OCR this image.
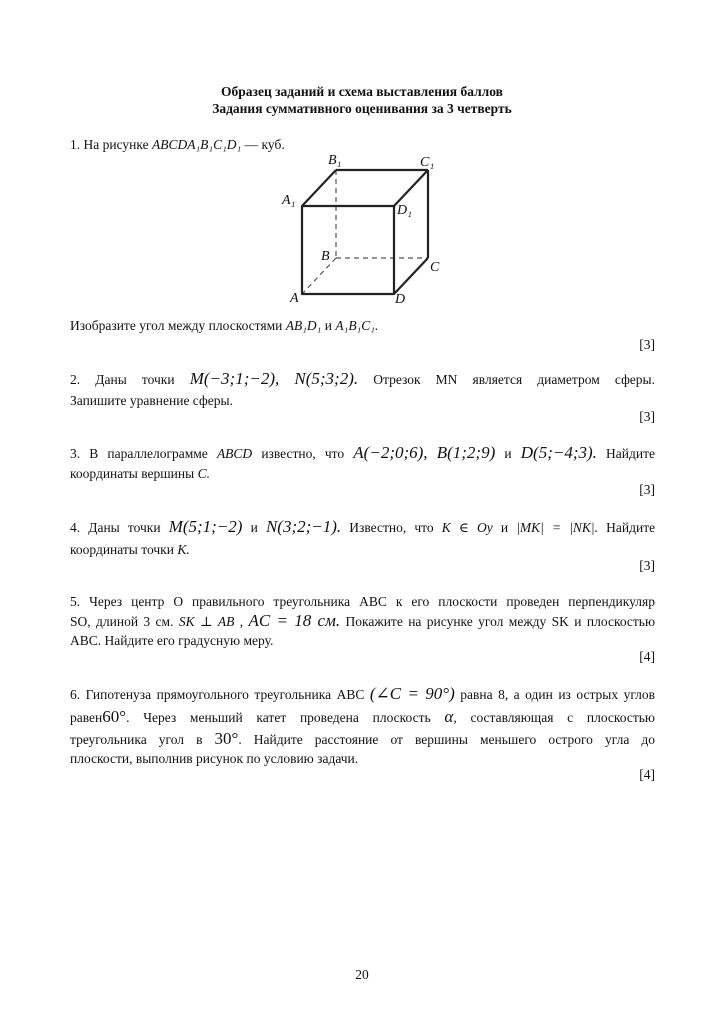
Образец заданий и схема выставления баллов
Задания суммативного оценивания за 3 четверть
1. На рисунке ABCDA₁B₁C₁D₁ — куб.
A₁
B₁	C₁
D₁
B
C
A	D
Изобразите угол между плоскостями AB₁D₁ и A₁B₁C₁.
[3]
2. Даны точки M(−3;1;−2), N(5;3;2). Отрезок MN является диаметром сферы.
Запишите уравнение сферы.
[3]
3. В параллелограмме ABCD известно, что A(−2;0;6), B(1;2;9) и D(5;−4;3). Найдите
координаты вершины C.
[3]
4. Даны точки M(5;1;−2) и N(3;2;−1). Известно, что K ∈ Oy и |MK| = |NK|. Найдите
координаты точки K.
[3]
5. Через центр O правильного треугольника ABC к его плоскости проведен перпендикуляр
SO, длиной 3 см. SK ⊥ AB , AC = 18 см. Покажите на рисунке угол между SK и плоскостью
ABC. Найдите его градусную меру.
[4]
6. Гипотенуза прямоугольного треугольника ABC (∠C = 90°) равна 8, а один из острых углов
равен60°. Через меньший катет проведена плоскость α, составляющая с плоскостью
треугольника угол в 30°. Найдите расстояние от вершины меньшего острого угла до
плоскости, выполнив рисунок по условию задачи.
[4]
20
